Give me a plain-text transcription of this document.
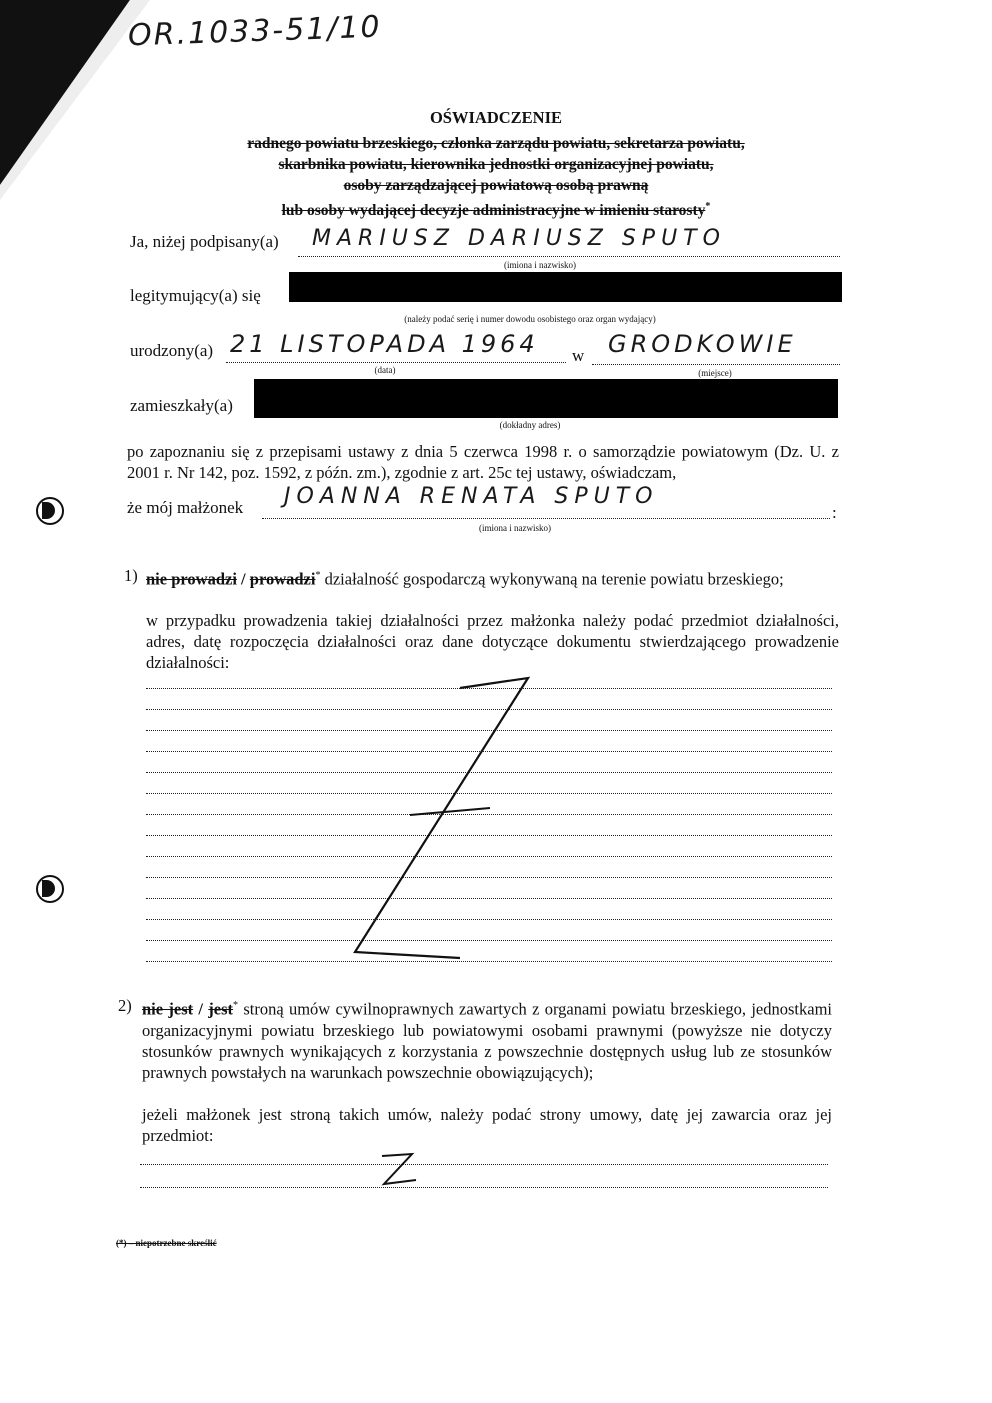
OR.1033-51/10
OŚWIADCZENIE
radnego powiatu brzeskiego, członka zarządu powiatu, sekretarza powiatu,
skarbnika powiatu, kierownika jednostki organizacyjnej powiatu,
osoby zarządzającej powiatową osobą prawną
lub osoby wydającej decyzje administracyjne w imieniu starosty*
Ja, niżej podpisany(a) MARIUSZ DARIUSZ SPUTO
(imiona i nazwisko)
legitymujący(a) się
(należy podać serię i numer dowodu osobistego oraz organ wydający)
urodzony(a) 21 LISTOPADA 1964 w GRODKOWIE
(data)	(miejsce)
zamieszkały(a)
(dokładny adres)
po zapoznaniu się z przepisami ustawy z dnia 5 czerwca 1998 r. o samorządzie powiatowym (Dz. U. z 2001 r. Nr 142, poz. 1592, z późn. zm.), zgodnie z art. 25c tej ustawy, oświadczam,
że mój małżonek JOANNA RENATA SPUTO
:
(imiona i nazwisko)
1) nie prowadzi / prowadzi* działalność gospodarczą wykonywaną na terenie powiatu brzeskiego;
w przypadku prowadzenia takiej działalności przez małżonka należy podać przedmiot działalności, adres, datę rozpoczęcia działalności oraz dane dotyczące dokumentu stwierdzającego prowadzenie działalności:
2) nie jest / jest* stroną umów cywilnoprawnych zawartych z organami powiatu brzeskiego, jednostkami organizacyjnymi powiatu brzeskiego lub powiatowymi osobami prawnymi (powyższe nie dotyczy stosunków prawnych wynikających z korzystania z powszechnie dostępnych usług lub ze stosunków prawnych powstałych na warunkach powszechnie obowiązujących);
jeżeli małżonek jest stroną takich umów, należy podać strony umowy, datę jej zawarcia oraz jej przedmiot:
(*) – niepotrzebne skreślić
